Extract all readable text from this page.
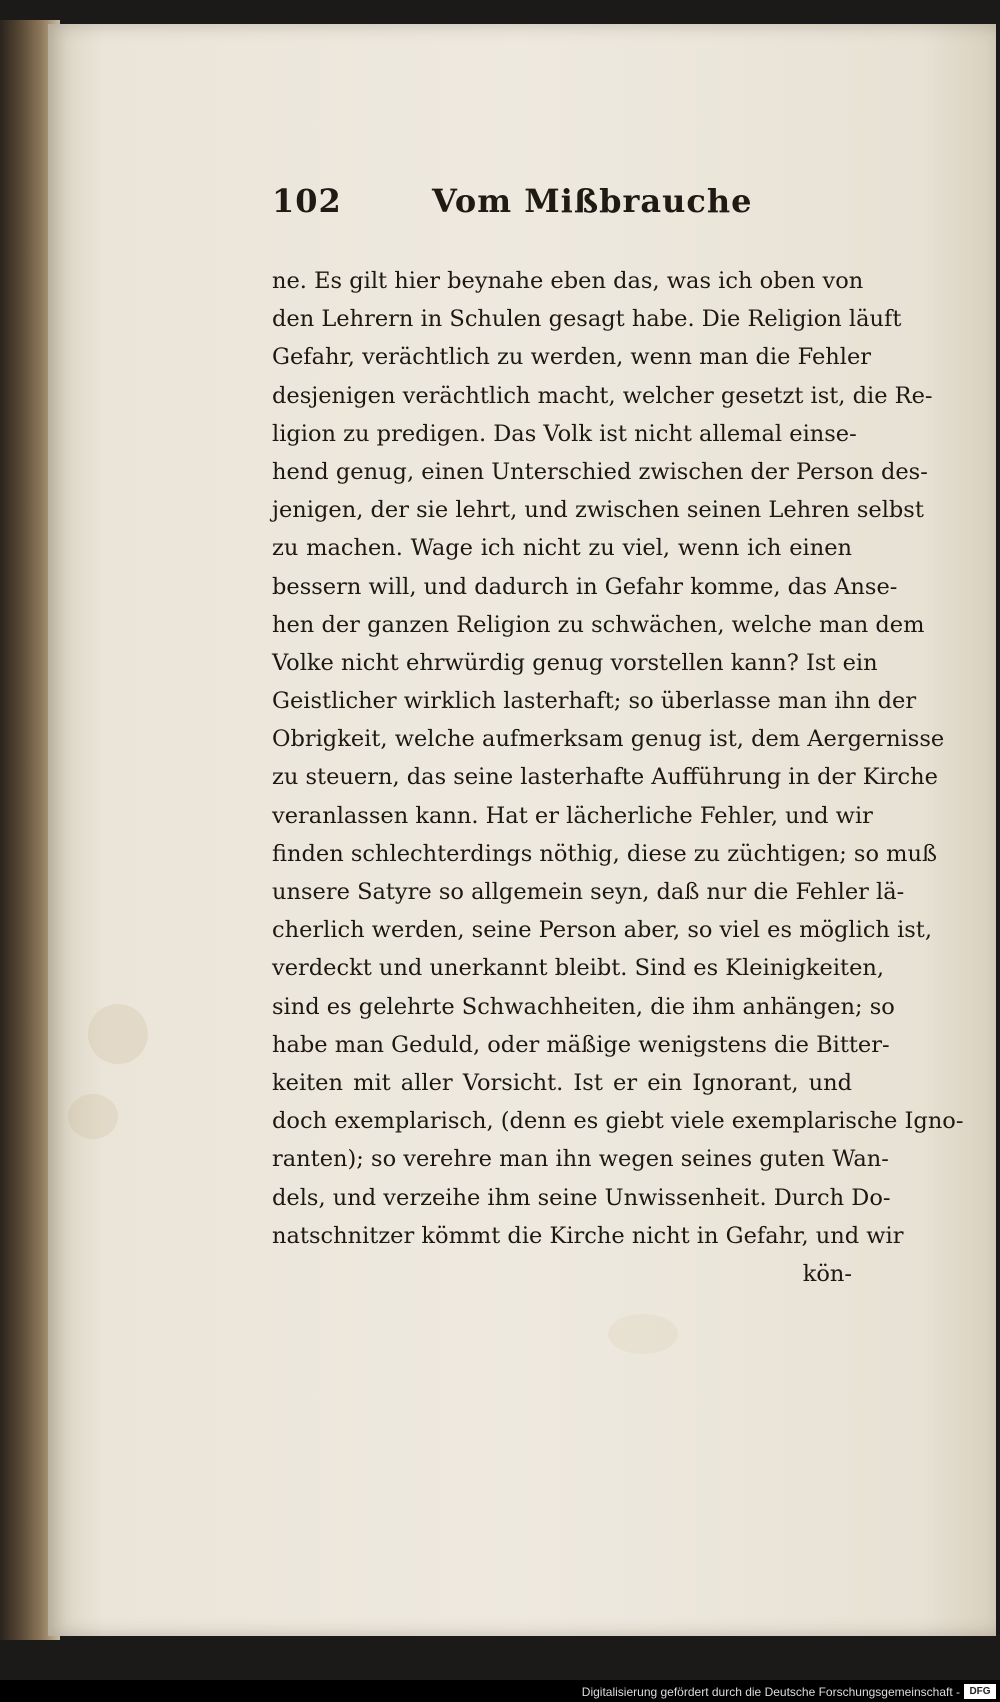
102	Vom Mißbrauche
ne. Es gilt hier beynahe eben das, was ich oben von
den Lehrern in Schulen gesagt habe. Die Religion läuft
Gefahr, verächtlich zu werden, wenn man die Fehler
desjenigen verächtlich macht, welcher gesetzt ist, die Re-
ligion zu predigen. Das Volk ist nicht allemal einse-
hend genug, einen Unterschied zwischen der Person des-
jenigen, der sie lehrt, und zwischen seinen Lehren selbst
zu machen. Wage ich nicht zu viel, wenn ich einen
bessern will, und dadurch in Gefahr komme, das Anse-
hen der ganzen Religion zu schwächen, welche man dem
Volke nicht ehrwürdig genug vorstellen kann? Ist ein
Geistlicher wirklich lasterhaft; so überlasse man ihn der
Obrigkeit, welche aufmerksam genug ist, dem Aergernisse
zu steuern, das seine lasterhafte Aufführung in der Kirche
veranlassen kann. Hat er lächerliche Fehler, und wir
finden schlechterdings nöthig, diese zu züchtigen; so muß
unsere Satyre so allgemein seyn, daß nur die Fehler lä-
cherlich werden, seine Person aber, so viel es möglich ist,
verdeckt und unerkannt bleibt. Sind es Kleinigkeiten,
sind es gelehrte Schwachheiten, die ihm anhängen; so
habe man Geduld, oder mäßige wenigstens die Bitter-
keiten mit aller Vorsicht. Ist er ein Ignorant, und
doch exemplarisch, (denn es giebt viele exemplarische Igno-
ranten); so verehre man ihn wegen seines guten Wan-
dels, und verzeihe ihm seine Unwissenheit. Durch Do-
natschnitzer kömmt die Kirche nicht in Gefahr, und wir
kön-
Digitalisierung gefördert durch die Deutsche Forschungsgemeinschaft - DFG
